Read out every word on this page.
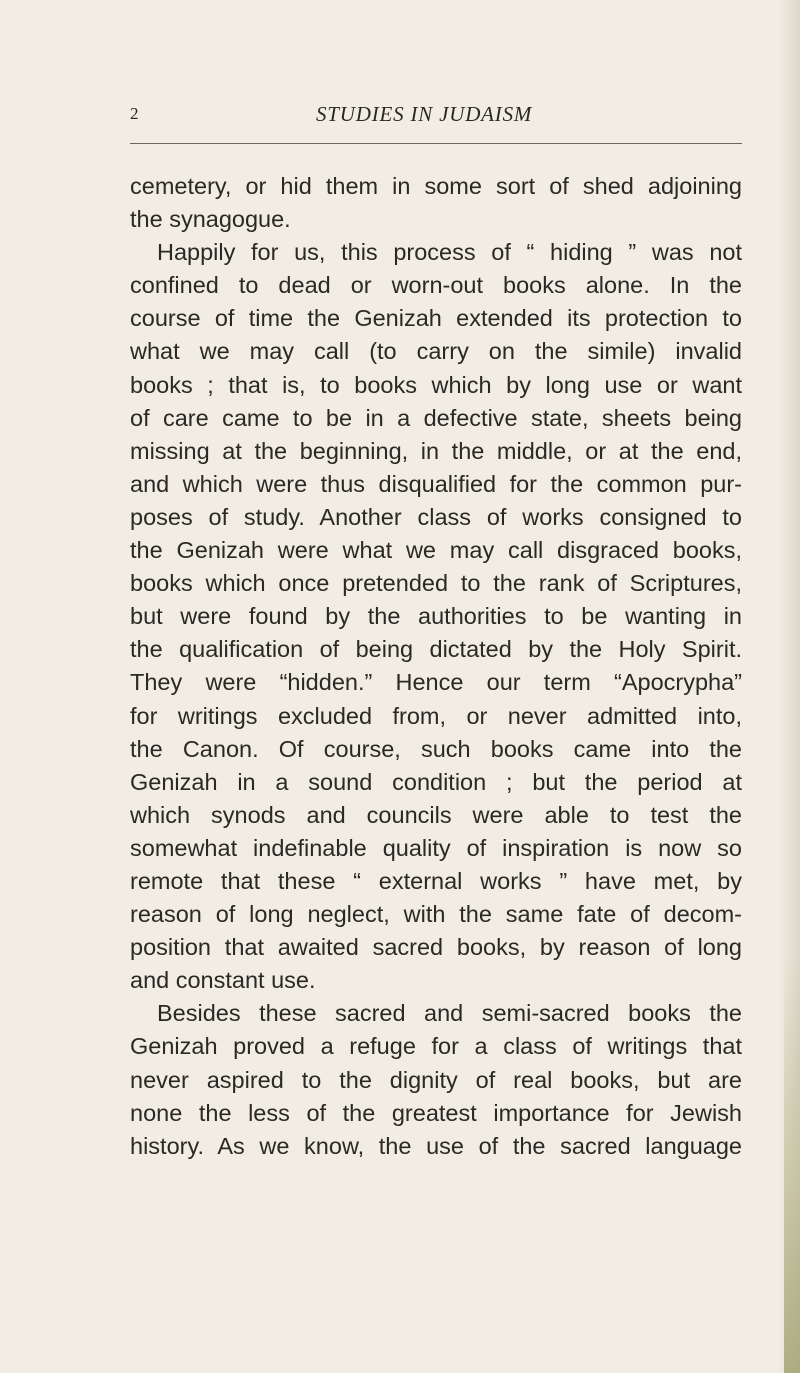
2	STUDIES IN JUDAISM
cemetery, or hid them in some sort of shed adjoining
the synagogue.
Happily for us, this process of “ hiding ” was not
confined to dead or worn-out books alone. In the
course of time the Genizah extended its protection to
what we may call (to carry on the simile) invalid
books ; that is, to books which by long use or want
of care came to be in a defective state, sheets being
missing at the beginning, in the middle, or at the end,
and which were thus disqualified for the common pur-
poses of study. Another class of works consigned to
the Genizah were what we may call disgraced books,
books which once pretended to the rank of Scriptures,
but were found by the authorities to be wanting in
the qualification of being dictated by the Holy Spirit.
They were “hidden.” Hence our term “Apocrypha”
for writings excluded from, or never admitted into,
the Canon. Of course, such books came into the
Genizah in a sound condition ; but the period at
which synods and councils were able to test the
somewhat indefinable quality of inspiration is now so
remote that these “ external works ” have met, by
reason of long neglect, with the same fate of decom-
position that awaited sacred books, by reason of long
and constant use.
Besides these sacred and semi-sacred books the
Genizah proved a refuge for a class of writings that
never aspired to the dignity of real books, but are
none the less of the greatest importance for Jewish
history. As we know, the use of the sacred language
